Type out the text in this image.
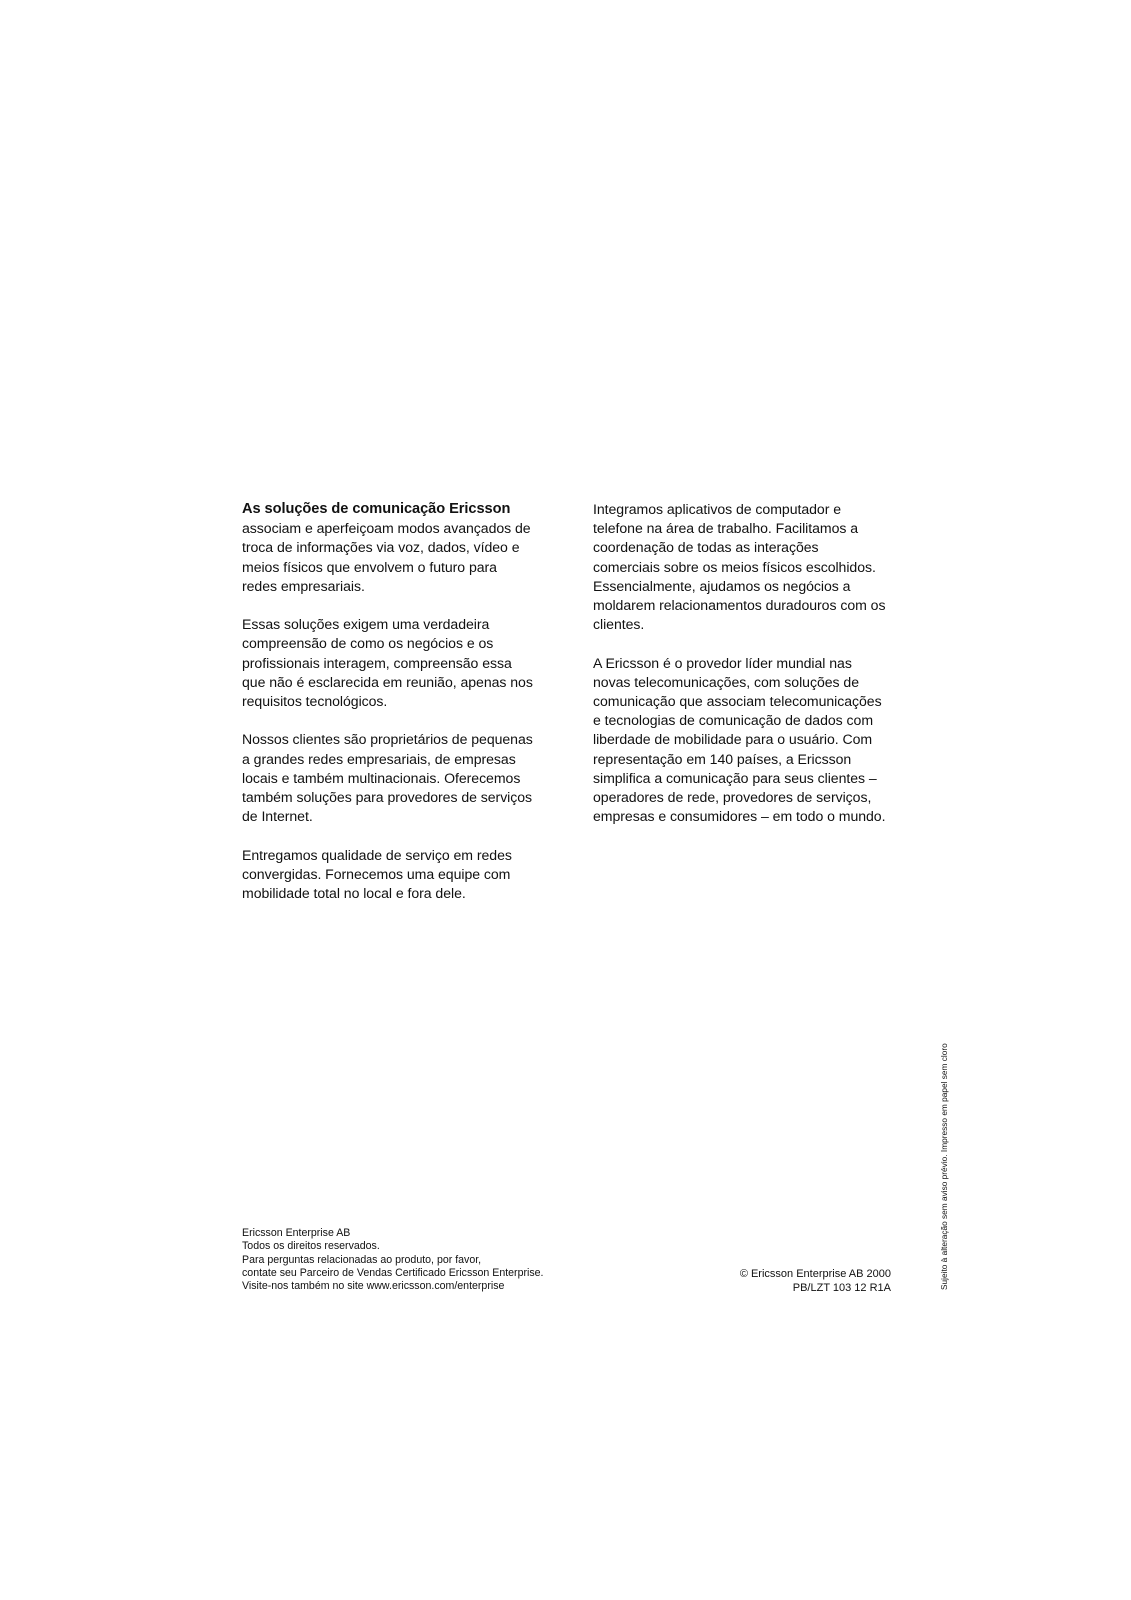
As soluções de comunicação Ericsson
associam e aperfeiçoam modos avançados de
troca de informações via voz, dados, vídeo e
meios físicos que envolvem o futuro para
redes empresariais.

Essas soluções exigem uma verdadeira
compreensão de como os negócios e os
profissionais interagem, compreensão essa
que não é esclarecida em reunião, apenas nos
requisitos tecnológicos.

Nossos clientes são proprietários de pequenas
a grandes redes empresariais, de empresas
locais e também multinacionais. Oferecemos
também soluções para provedores de serviços
de Internet.

Entregamos qualidade de serviço em redes
convergidas. Fornecemos uma equipe com
mobilidade total no local e fora dele.

Integramos aplicativos de computador e
telefone na área de trabalho. Facilitamos a
coordenação de todas as interações
comerciais sobre os meios físicos escolhidos.
Essencialmente, ajudamos os negócios a
moldarem relacionamentos duradouros com os
clientes.

A Ericsson é o provedor líder mundial nas
novas telecomunicações, com soluções de
comunicação que associam telecomunicações
e tecnologias de comunicação de dados com
liberdade de mobilidade para o usuário. Com
representação em 140 países, a Ericsson
simplifica a comunicação para seus clientes –
operadores de rede, provedores de serviços,
empresas e consumidores – em todo o mundo.

Ericsson Enterprise AB
Todos os direitos reservados.
Para perguntas relacionadas ao produto, por favor,
contate seu Parceiro de Vendas Certificado Ericsson Enterprise.
Visite-nos também no site www.ericsson.com/enterprise
© Ericsson Enterprise AB 2000
PB/LZT 103 12 R1A	Sujeito à alteração sem aviso prévio. Impresso em papel sem cloro
